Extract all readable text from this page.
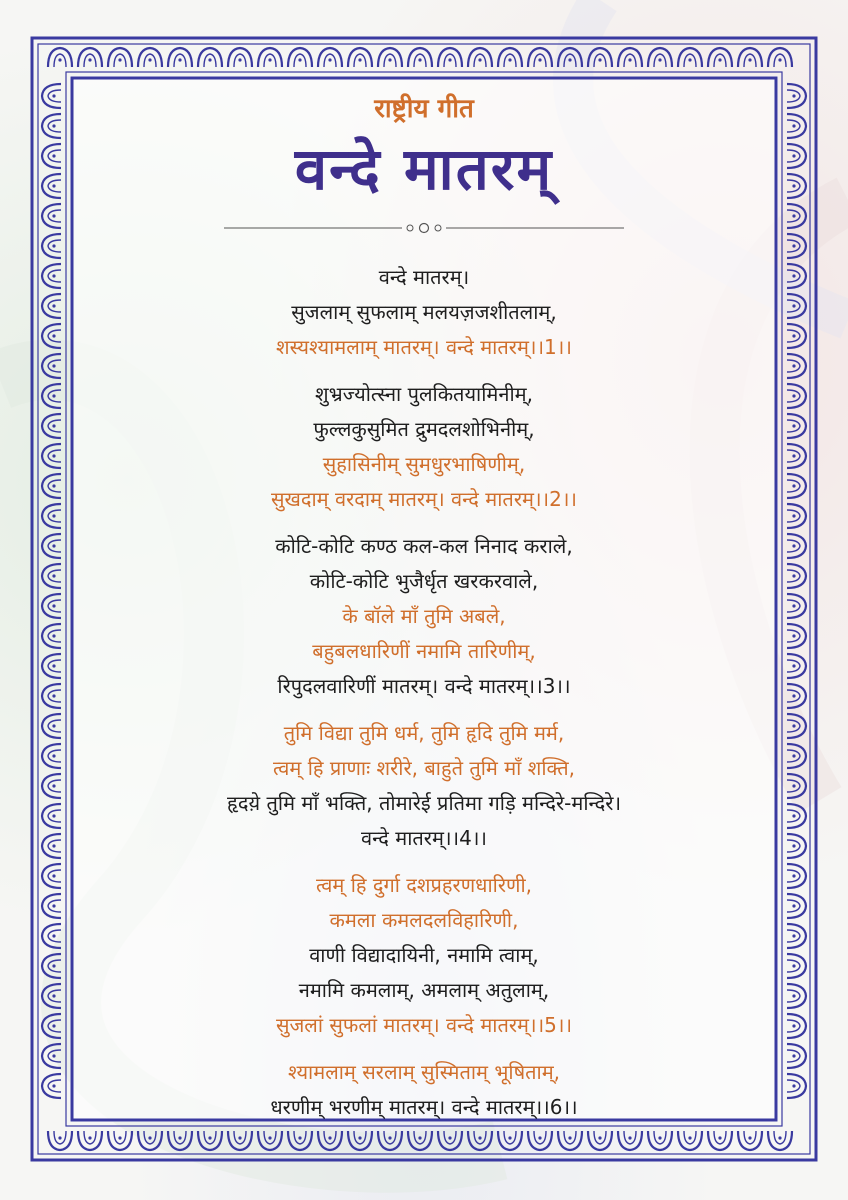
राष्ट्रीय गीत

वन्दे मातरम्

वन्दे मातरम्।

सुजलाम् सुफलाम् मलयज़जशीतलाम्,

शस्यश्यामलाम् मातरम्। वन्दे मातरम्।।1।।

शुभ्रज्योत्स्ना पुलकितयामिनीम्,

फुल्लकुसुमित द्रुमदलशोभिनीम्,

सुहासिनीम् सुमधुरभाषिणीम्,

सुखदाम् वरदाम् मातरम्। वन्दे मातरम्।।2।।

कोटि-कोटि कण्ठ कल-कल निनाद कराले,

कोटि-कोटि भुजैर्धृत खरकरवाले,

के बॉले माँ तुमि अबले,

बहुबलधारिणीं नमामि तारिणीम्,

रिपुदलवारिणीं मातरम्। वन्दे मातरम्।।3।।

तुमि विद्या तुमि धर्म, तुमि हृदि तुमि मर्म,

त्वम् हि प्राणाः शरीरे, बाहुते तुमि माँ शक्ति,

हृदय़े तुमि माँ भक्ति, तोमारेई प्रतिमा गड़ि मन्दिरे-मन्दिरे।

वन्दे मातरम्।।4।।

त्वम् हि दुर्गा दशप्रहरणधारिणी,

कमला कमलदलविहारिणी,

वाणी विद्यादायिनी, नमामि त्वाम्,

नमामि कमलाम्, अमलाम् अतुलाम्,

सुजलां सुफलां मातरम्। वन्दे मातरम्।।5।।

श्यामलाम् सरलाम् सुस्मिताम् भूषिताम्,

धरणीम् भरणीम् मातरम्। वन्दे मातरम्।।6।।
